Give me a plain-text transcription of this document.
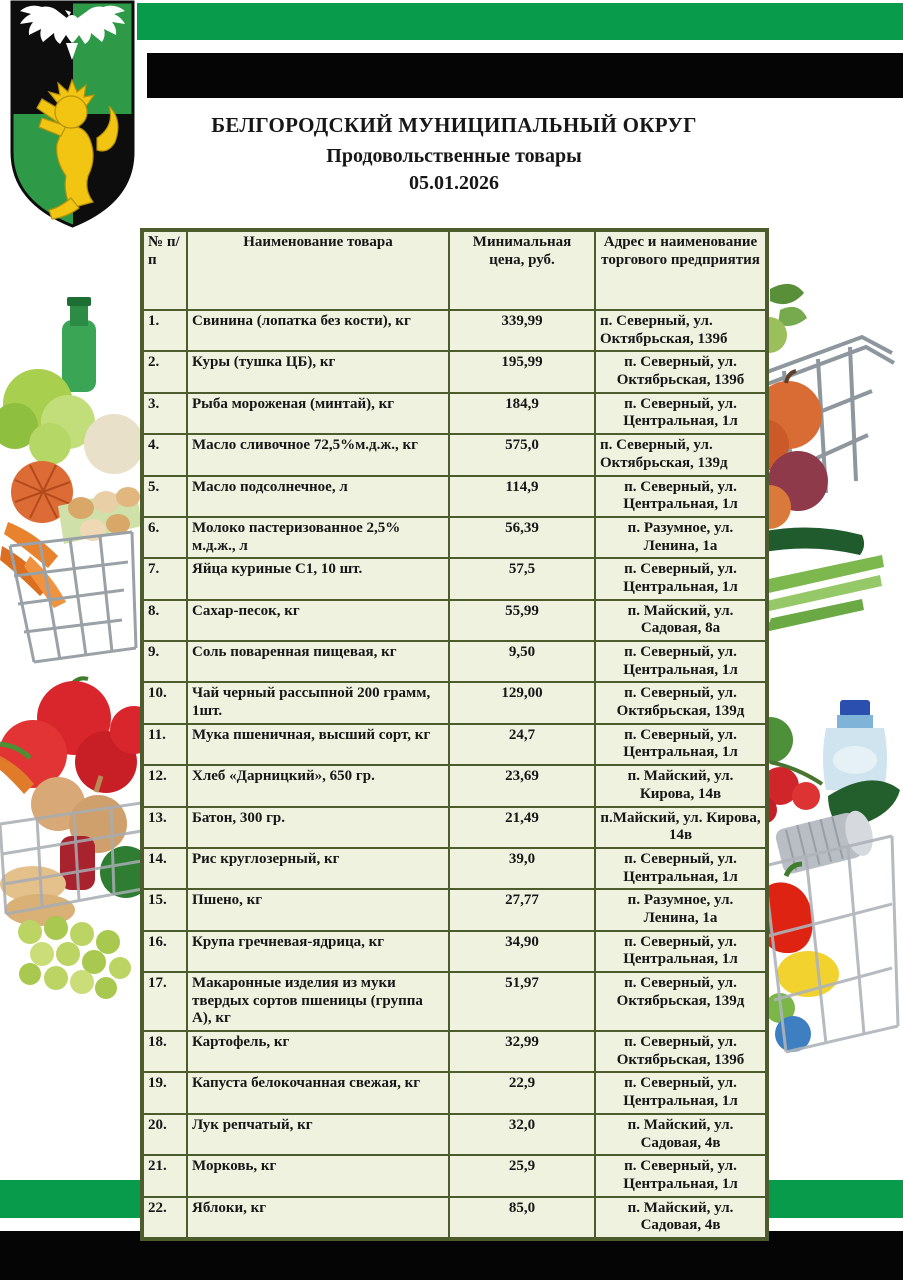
БЕЛГОРОДСКИЙ МУНИЦИПАЛЬНЫЙ ОКРУГ
Продовольственные товары
05.01.2026
№ п/п	Наименование товара	Минимальная цена, руб.	Адрес и наименование торгового предприятия
1.	Свинина (лопатка без кости), кг	339,99	п. Северный, ул. Октябрьская, 139б
2.	Куры (тушка ЦБ), кг	195,99	п. Северный, ул. Октябрьская, 139б
3.	Рыба мороженая (минтай), кг	184,9	п. Северный, ул. Центральная, 1л
4.	Масло сливочное 72,5%м.д.ж., кг	575,0	п. Северный, ул. Октябрьская, 139д
5.	Масло подсолнечное, л	114,9	п. Северный, ул. Центральная, 1л
6.	Молоко пастеризованное 2,5% м.д.ж., л	56,39	п. Разумное, ул. Ленина, 1а
7.	Яйца куриные С1, 10 шт.	57,5	п. Северный, ул. Центральная, 1л
8.	Сахар-песок, кг	55,99	п. Майский, ул. Садовая, 8а
9.	Соль поваренная пищевая, кг	9,50	п. Северный, ул. Центральная, 1л
10.	Чай черный рассыпной 200 грамм, 1шт.	129,00	п. Северный, ул. Октябрьская, 139д
11.	Мука пшеничная, высший сорт, кг	24,7	п. Северный, ул. Центральная, 1л
12.	Хлеб «Дарницкий», 650 гр.	23,69	п. Майский, ул. Кирова, 14в
13.	Батон, 300 гр.	21,49	п.Майский, ул. Кирова, 14в
14.	Рис круглозерный, кг	39,0	п. Северный, ул. Центральная, 1л
15.	Пшено, кг	27,77	п. Разумное, ул. Ленина, 1а
16.	Крупа гречневая-ядрица, кг	34,90	п. Северный, ул. Центральная, 1л
17.	Макаронные изделия из муки твердых сортов пшеницы (группа А), кг	51,97	п. Северный, ул. Октябрьская, 139д
18.	Картофель, кг	32,99	п. Северный, ул. Октябрьская, 139б
19.	Капуста белокочанная свежая, кг	22,9	п. Северный, ул. Центральная, 1л
20.	Лук репчатый, кг	32,0	п. Майский, ул. Садовая, 4в
21.	Морковь, кг	25,9	п. Северный, ул. Центральная, 1л
22.	Яблоки, кг	85,0	п. Майский, ул. Садовая, 4в
